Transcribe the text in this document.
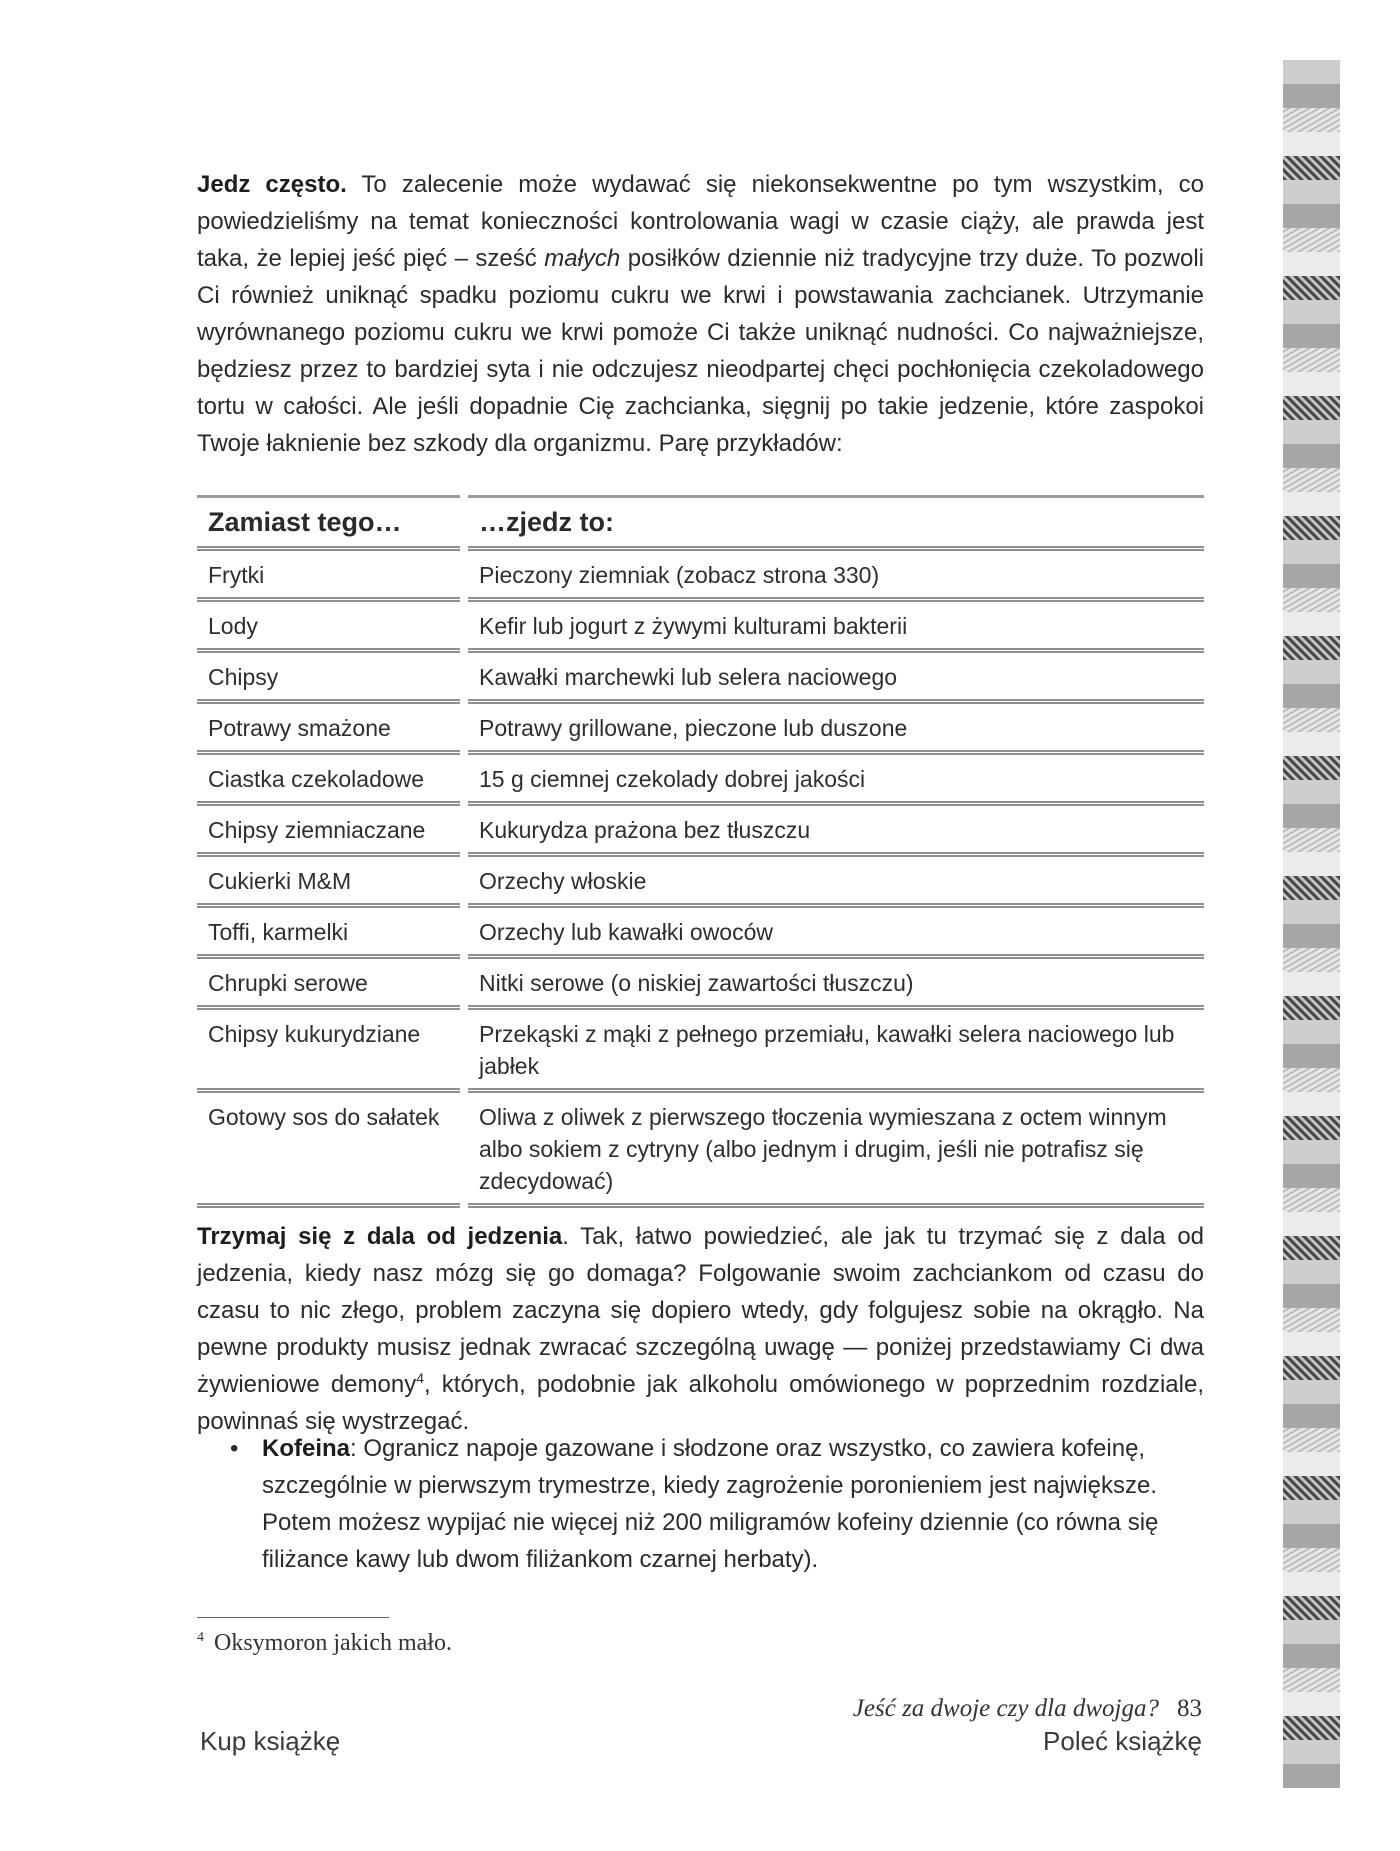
Jedz często. To zalecenie może wydawać się niekonsekwentne po tym wszystkim, co powiedzieliśmy na temat konieczności kontrolowania wagi w czasie ciąży, ale prawda jest taka, że lepiej jeść pięć – sześć małych posiłków dziennie niż tradycyjne trzy duże. To pozwoli Ci również uniknąć spadku poziomu cukru we krwi i powstawania zachcianek. Utrzymanie wyrównanego poziomu cukru we krwi pomoże Ci także uniknąć nudności. Co najważniejsze, będziesz przez to bardziej syta i nie odczujesz nieodpartej chęci pochłonięcia czekoladowego tortu w całości. Ale jeśli dopadnie Cię zachcianka, sięgnij po takie jedzenie, które zaspokoi Twoje łaknienie bez szkody dla organizmu. Parę przykładów:

Zamiast tego…	…zjedz to:
Frytki	Pieczony ziemniak (zobacz strona 330)
Lody	Kefir lub jogurt z żywymi kulturami bakterii
Chipsy	Kawałki marchewki lub selera naciowego
Potrawy smażone	Potrawy grillowane, pieczone lub duszone
Ciastka czekoladowe	15 g ciemnej czekolady dobrej jakości
Chipsy ziemniaczane	Kukurydza prażona bez tłuszczu
Cukierki M&M	Orzechy włoskie
Toffi, karmelki	Orzechy lub kawałki owoców
Chrupki serowe	Nitki serowe (o niskiej zawartości tłuszczu)
Chipsy kukurydziane	Przekąski z mąki z pełnego przemiału, kawałki selera naciowego lub jabłek
Gotowy sos do sałatek	Oliwa z oliwek z pierwszego tłoczenia wymieszana z octem winnym albo sokiem z cytryny (albo jednym i drugim, jeśli nie potrafisz się zdecydować)

Trzymaj się z dala od jedzenia. Tak, łatwo powiedzieć, ale jak tu trzymać się z dala od jedzenia, kiedy nasz mózg się go domaga? Folgowanie swoim zachciankom od czasu do czasu to nic złego, problem zaczyna się dopiero wtedy, gdy folgujesz sobie na okrągło. Na pewne produkty musisz jednak zwracać szczególną uwagę — poniżej przedstawiamy Ci dwa żywieniowe demony$^4$, których, podobnie jak alkoholu omówionego w poprzednim rozdziale, powinnaś się wystrzegać.

• Kofeina: Ogranicz napoje gazowane i słodzone oraz wszystko, co zawiera kofeinę, szczególnie w pierwszym trymestrze, kiedy zagrożenie poronieniem jest największe. Potem możesz wypijać nie więcej niż 200 miligramów kofeiny dziennie (co równa się filiżance kawy lub dwom filiżankom czarnej herbaty).

$^4$ Oksymoron jakich mało.
Jeść za dwoje czy dla dwojga? 83
Kup książkę	Poleć książkę
